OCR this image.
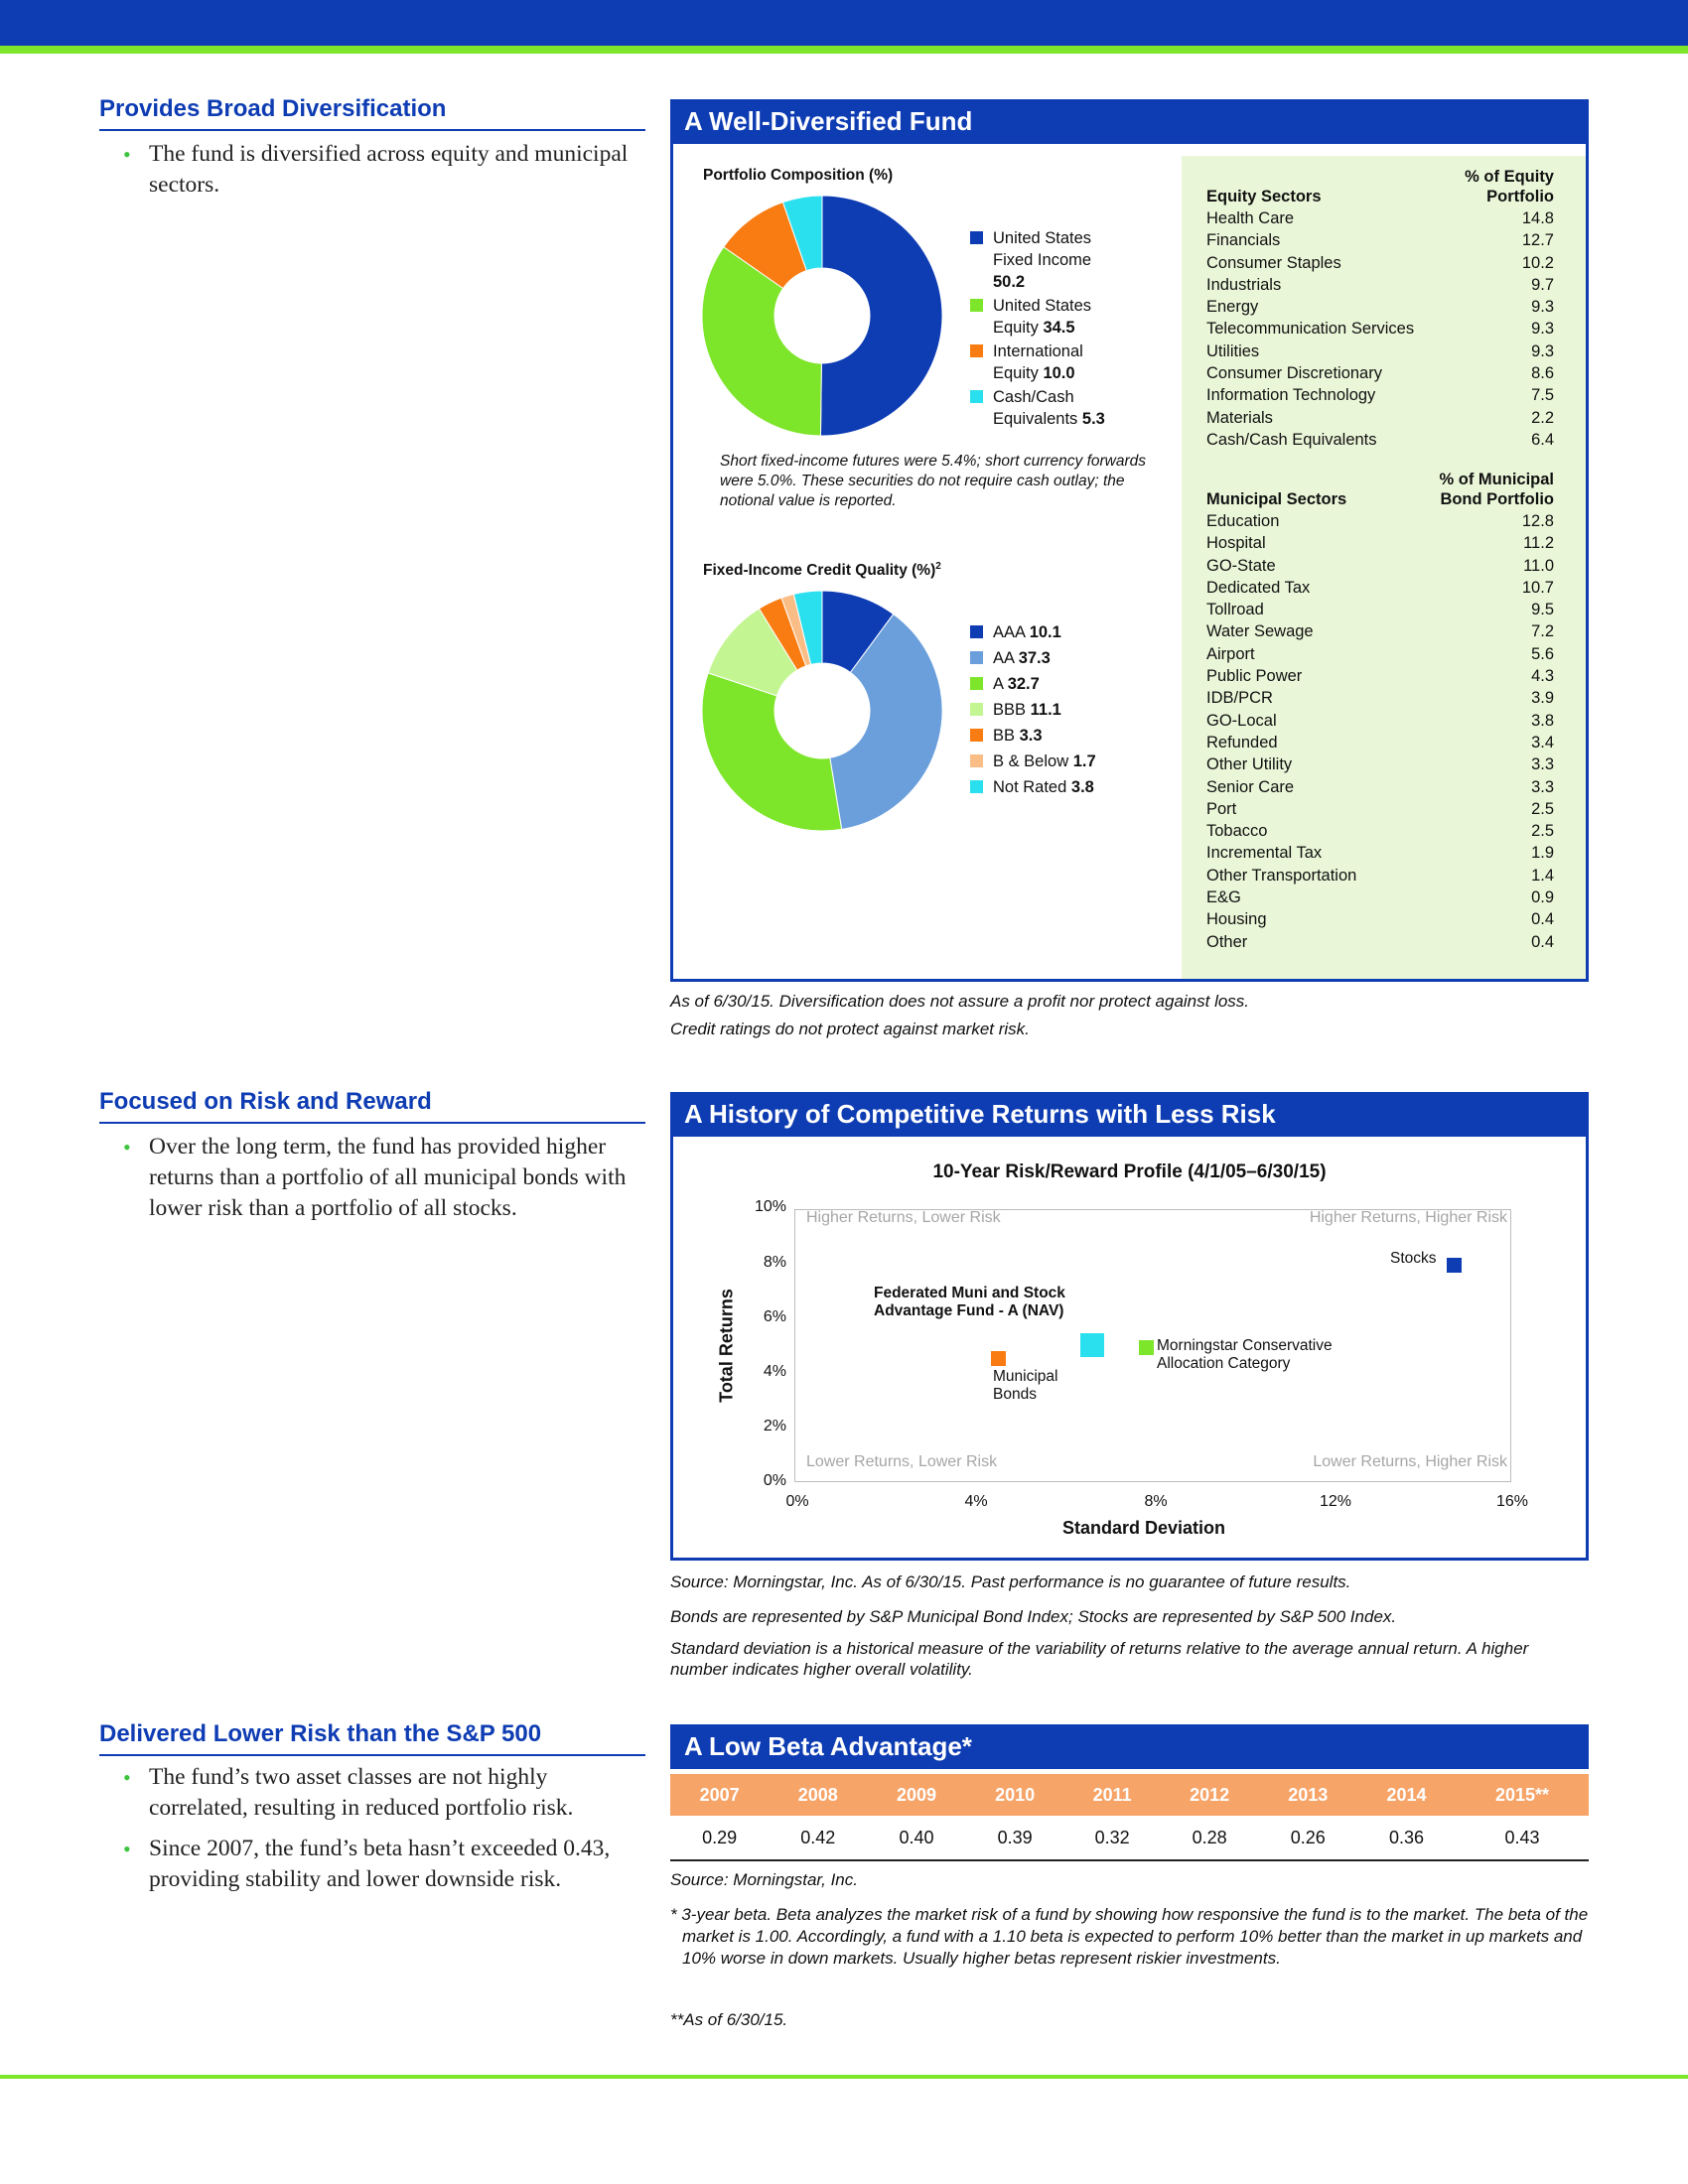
Provides Broad Diversification
• The fund is diversified across equity and municipal sectors.
Focused on Risk and Reward
• Over the long term, the fund has provided higher returns than a portfolio of all municipal bonds with lower risk than a portfolio of all stocks.
Delivered Lower Risk than the S&P 500
• The fund’s two asset classes are not highly correlated, resulting in reduced portfolio risk.
• Since 2007, the fund’s beta hasn’t exceeded 0.43, providing stability and lower downside risk.
A Well-Diversified Fund
Portfolio Composition (%)
United States Fixed Income 50.2
United States Equity 34.5
International Equity 10.0
Cash/Cash Equivalents 5.3
Short fixed-income futures were 5.4%; short currency forwards were 5.0%. These securities do not require cash outlay; the notional value is reported.
Fixed-Income Credit Quality (%)$^2$
AAA 10.1
AA 37.3
A 32.7
BBB 11.1
BB 3.3
B & Below 1.7
Not Rated 3.8
Equity Sectors
% of Equity
Portfolio
Health Care	14.8
Financials	12.7
Consumer Staples	10.2
Industrials	9.7
Energy	9.3
Telecommunication Services	9.3
Utilities	9.3
Consumer Discretionary	8.6
Information Technology	7.5
Materials	2.2
Cash/Cash Equivalents	6.4
Municipal Sectors
% of Municipal
Bond Portfolio
Education	12.8
Hospital	11.2
GO-State	11.0
Dedicated Tax	10.7
Tollroad	9.5
Water Sewage	7.2
Airport	5.6
Public Power	4.3
IDB/PCR	3.9
GO-Local	3.8
Refunded	3.4
Other Utility	3.3
Senior Care	3.3
Port	2.5
Tobacco	2.5
Incremental Tax	1.9
Other Transportation	1.4
E&G	0.9
Housing	0.4
Other	0.4
As of 6/30/15. Diversification does not assure a profit nor protect against loss.
Credit ratings do not protect against market risk.
A History of Competitive Returns with Less Risk
10-Year Risk/Reward Profile (4/1/05–6/30/15)
Higher Returns, Lower Risk	Higher Returns, Higher Risk
Lower Returns, Lower Risk	Lower Returns, Higher Risk
0%
2%
4%
6%
8%
10%
0%	4%	8%	12%	16%
Standard Deviation
Total Returns
Stocks
Federated Muni and Stock Advantage Fund - A (NAV)
Morningstar Conservative Allocation Category
Municipal Bonds
Source: Morningstar, Inc. As of 6/30/15. Past performance is no guarantee of future results.
Bonds are represented by S&P Municipal Bond Index; Stocks are represented by S&P 500 Index.
Standard deviation is a historical measure of the variability of returns relative to the average annual return. A higher number indicates higher overall volatility.
A Low Beta Advantage*
2007	2008	2009	2010	2011	2012	2013	2014	2015**
0.29	0.42	0.40	0.39	0.32	0.28	0.26	0.36	0.43
Source: Morningstar, Inc.
* 3-year beta. Beta analyzes the market risk of a fund by showing how responsive the fund is to the market. The beta of the market is 1.00. Accordingly, a fund with a 1.10 beta is expected to perform 10% better than the market in up markets and 10% worse in down markets. Usually higher betas represent riskier investments.
**As of 6/30/15.
